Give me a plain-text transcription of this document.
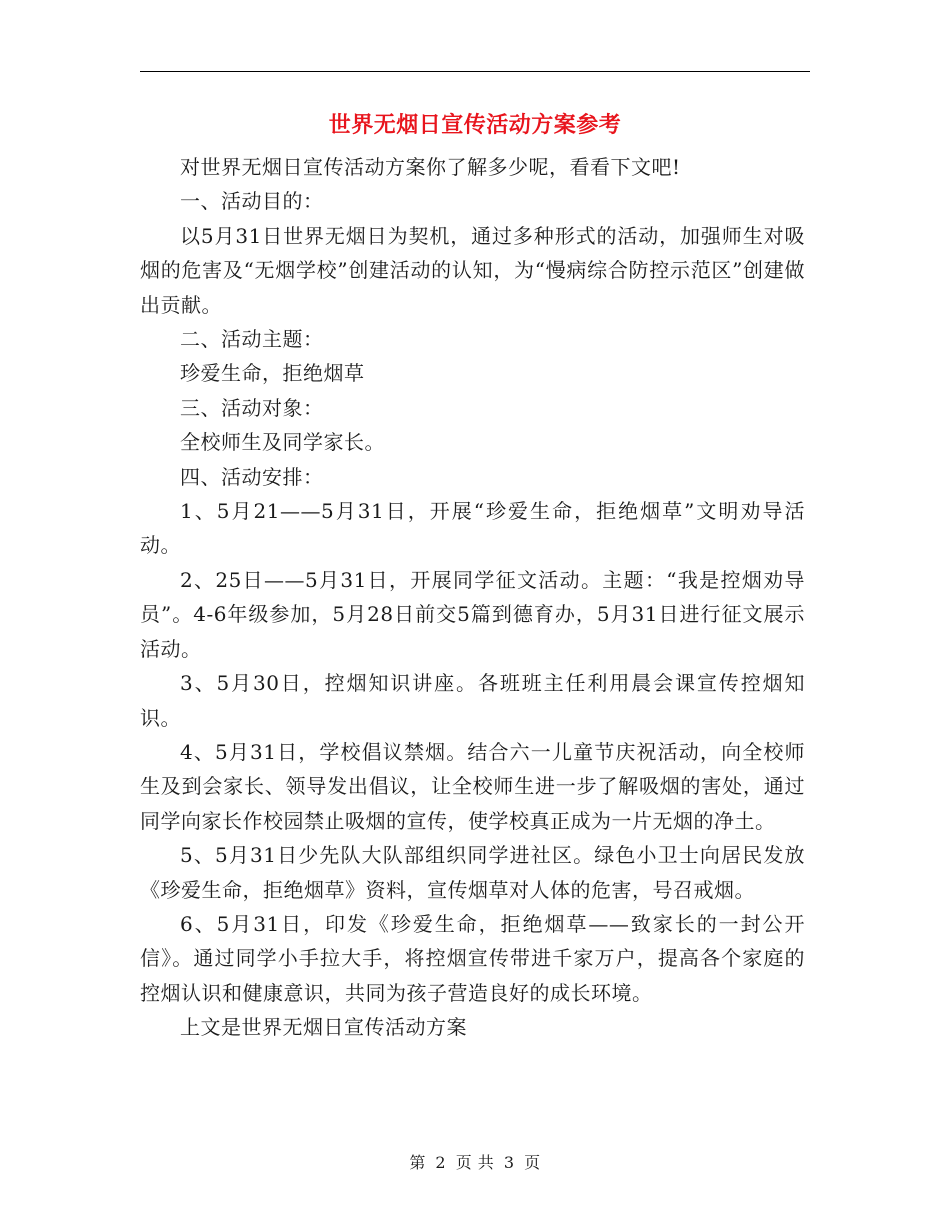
世界无烟日宣传活动方案参考

对世界无烟日宣传活动方案你了解多少呢，看看下文吧!

一、活动目的：

以5月31日世界无烟日为契机，通过多种形式的活动，加强师生对吸烟的危害及“无烟学校”创建活动的认知，为“慢病综合防控示范区”创建做出贡献。

二、活动主题：

珍爱生命，拒绝烟草

三、活动对象：

全校师生及同学家长。

四、活动安排：

1、5月21——5月31日，开展“珍爱生命，拒绝烟草”文明劝导活动。

2、25日——5月31日，开展同学征文活动。主题：“我是控烟劝导员”。4-6年级参加，5月28日前交5篇到德育办，5月31日进行征文展示活动。

3、5月30日，控烟知识讲座。各班班主任利用晨会课宣传控烟知识。

4、5月31日，学校倡议禁烟。结合六一儿童节庆祝活动，向全校师生及到会家长、领导发出倡议，让全校师生进一步了解吸烟的害处，通过同学向家长作校园禁止吸烟的宣传，使学校真正成为一片无烟的净土。

5、5月31日少先队大队部组织同学进社区。绿色小卫士向居民发放《珍爱生命，拒绝烟草》资料，宣传烟草对人体的危害，号召戒烟。

6、5月31日，印发《珍爱生命，拒绝烟草——致家长的一封公开信》。通过同学小手拉大手，将控烟宣传带进千家万户，提高各个家庭的控烟认识和健康意识，共同为孩子营造良好的成长环境。

上文是世界无烟日宣传活动方案

第 2 页 共 3 页
